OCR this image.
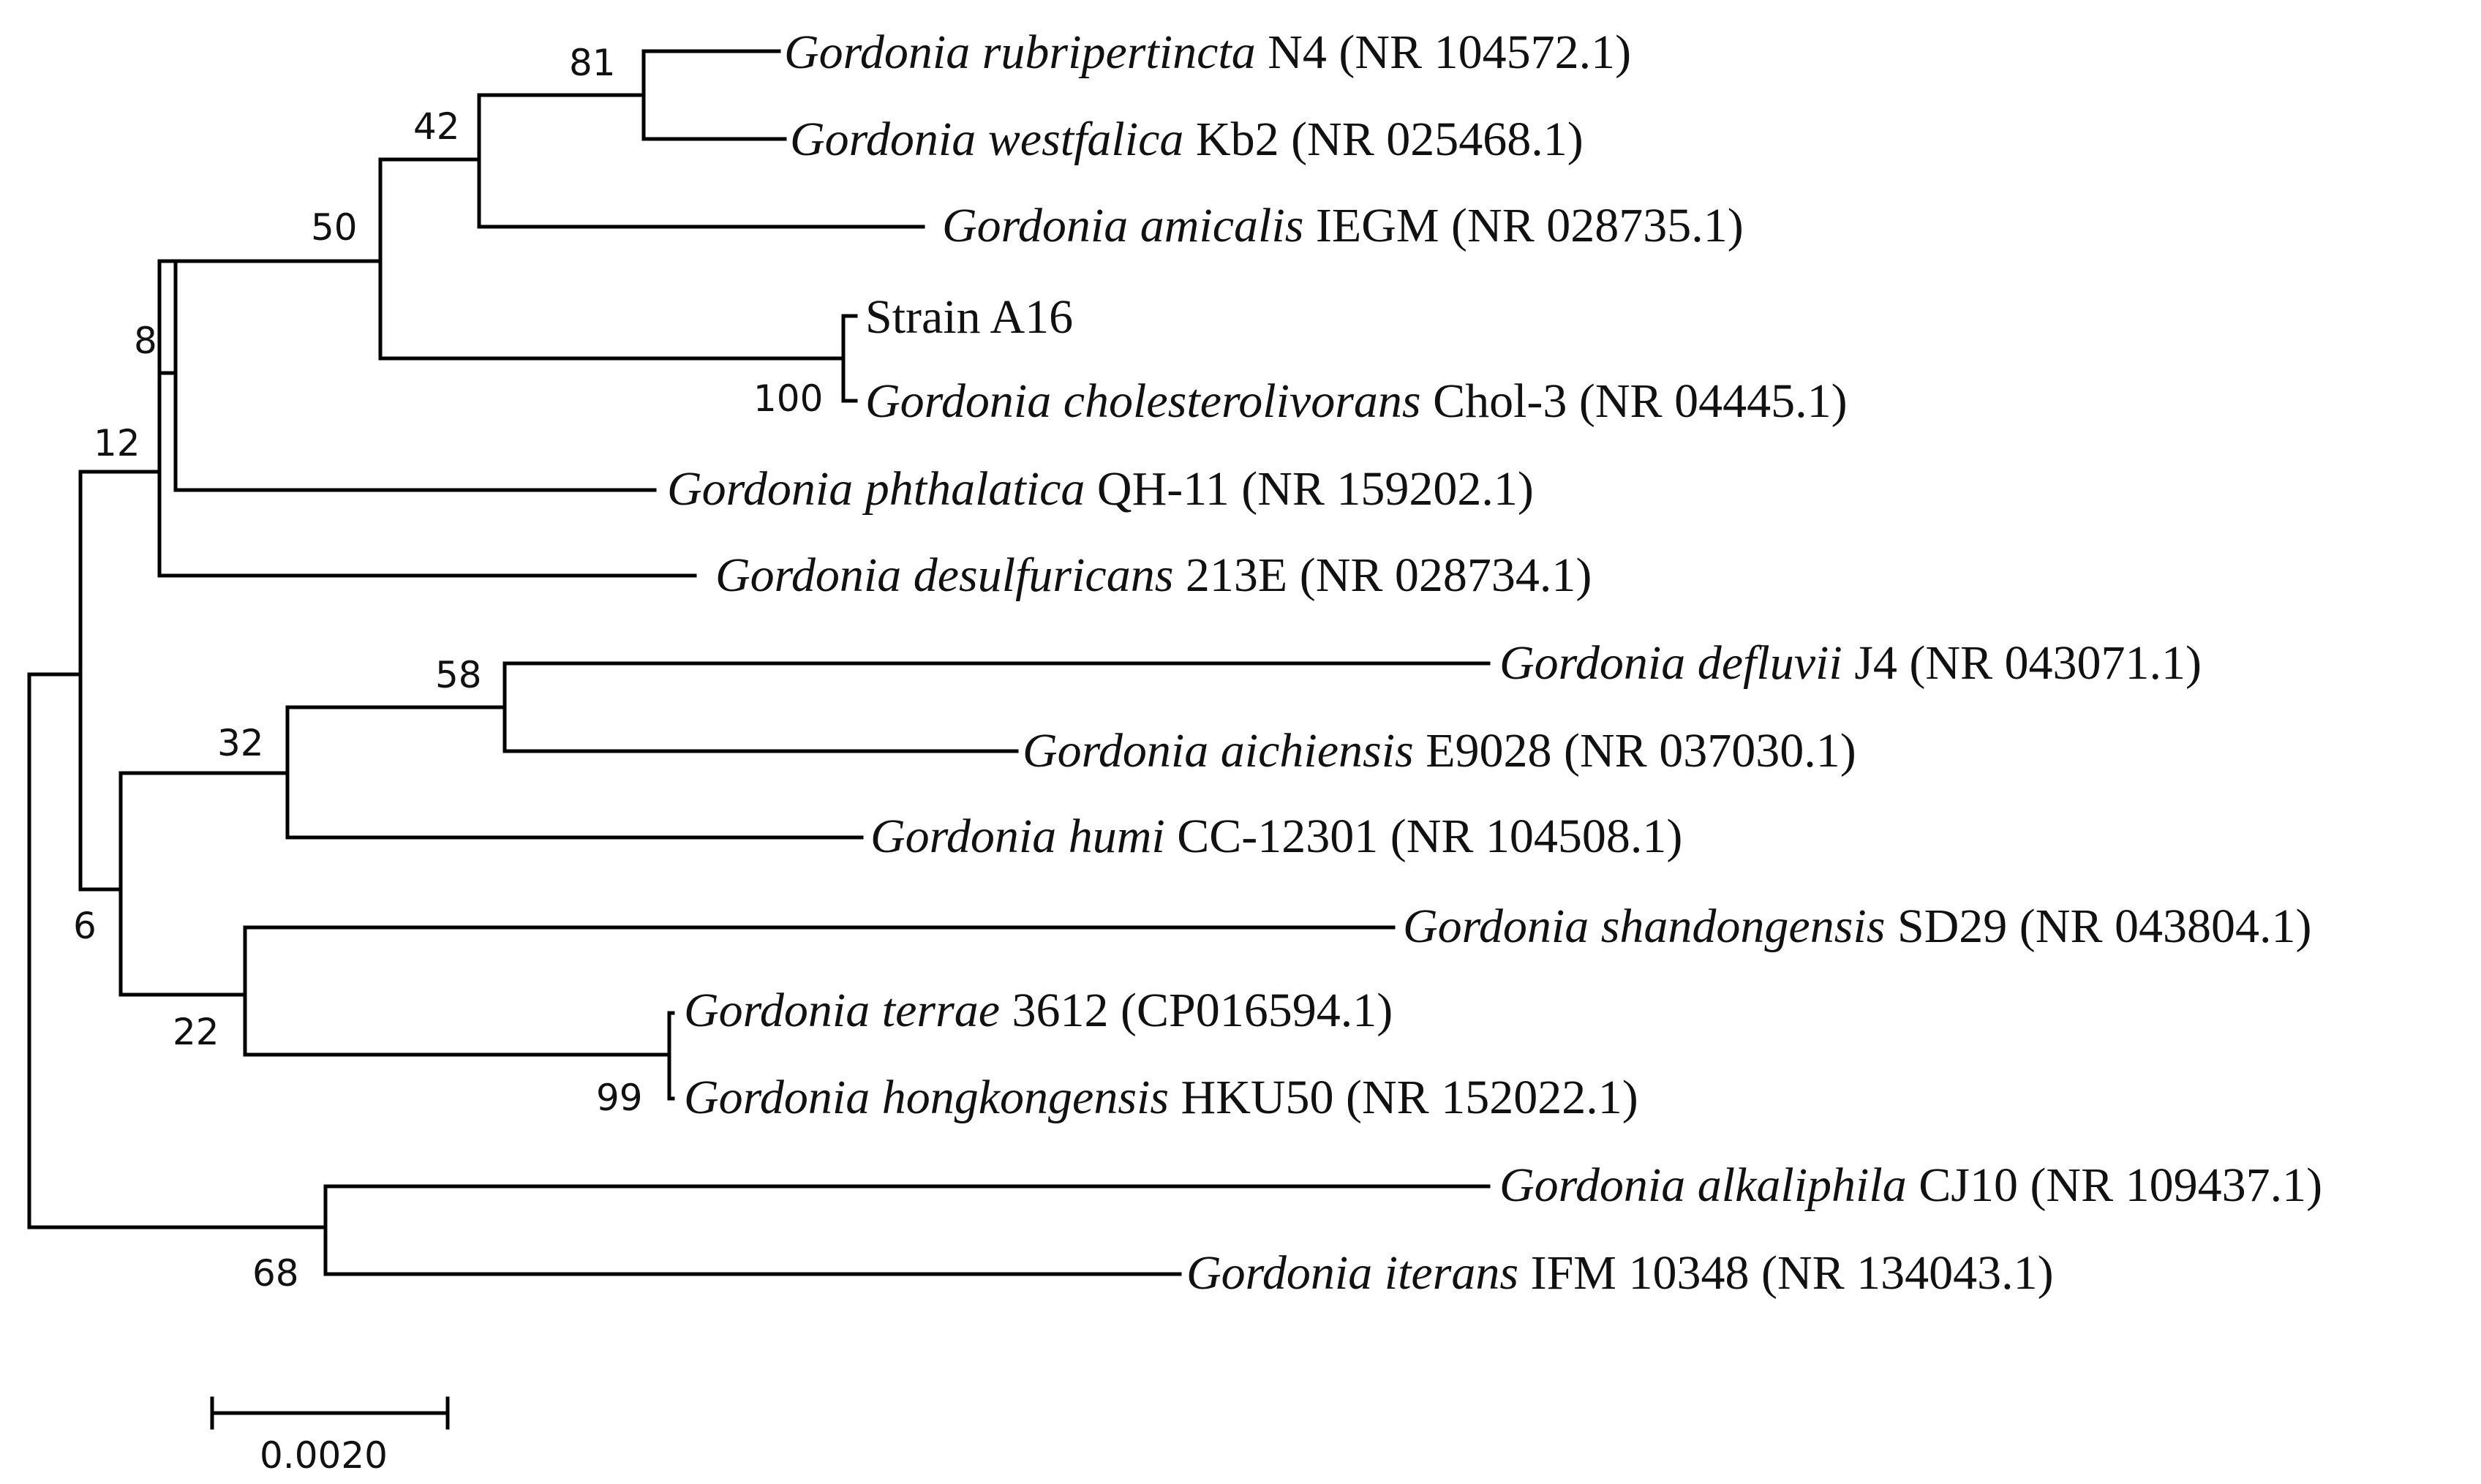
81
42
50
100
8
12
58
32
6
99
22
68
Gordonia rubripertincta N4 (NR 104572.1)
Gordonia westfalica Kb2 (NR 025468.1)
Gordonia amicalis IEGM (NR 028735.1)
Strain A16
Gordonia cholesterolivorans Chol-3 (NR 04445.1)
Gordonia phthalatica QH-11 (NR 159202.1)
Gordonia desulfuricans 213E (NR 028734.1)
Gordonia defluvii J4 (NR 043071.1)
Gordonia aichiensis E9028 (NR 037030.1)
Gordonia humi CC-12301 (NR 104508.1)
Gordonia shandongensis SD29 (NR 043804.1)
Gordonia terrae 3612 (CP016594.1)
Gordonia hongkongensis HKU50 (NR 152022.1)
Gordonia alkaliphila CJ10 (NR 109437.1)
Gordonia iterans IFM 10348 (NR 134043.1)
0.0020
